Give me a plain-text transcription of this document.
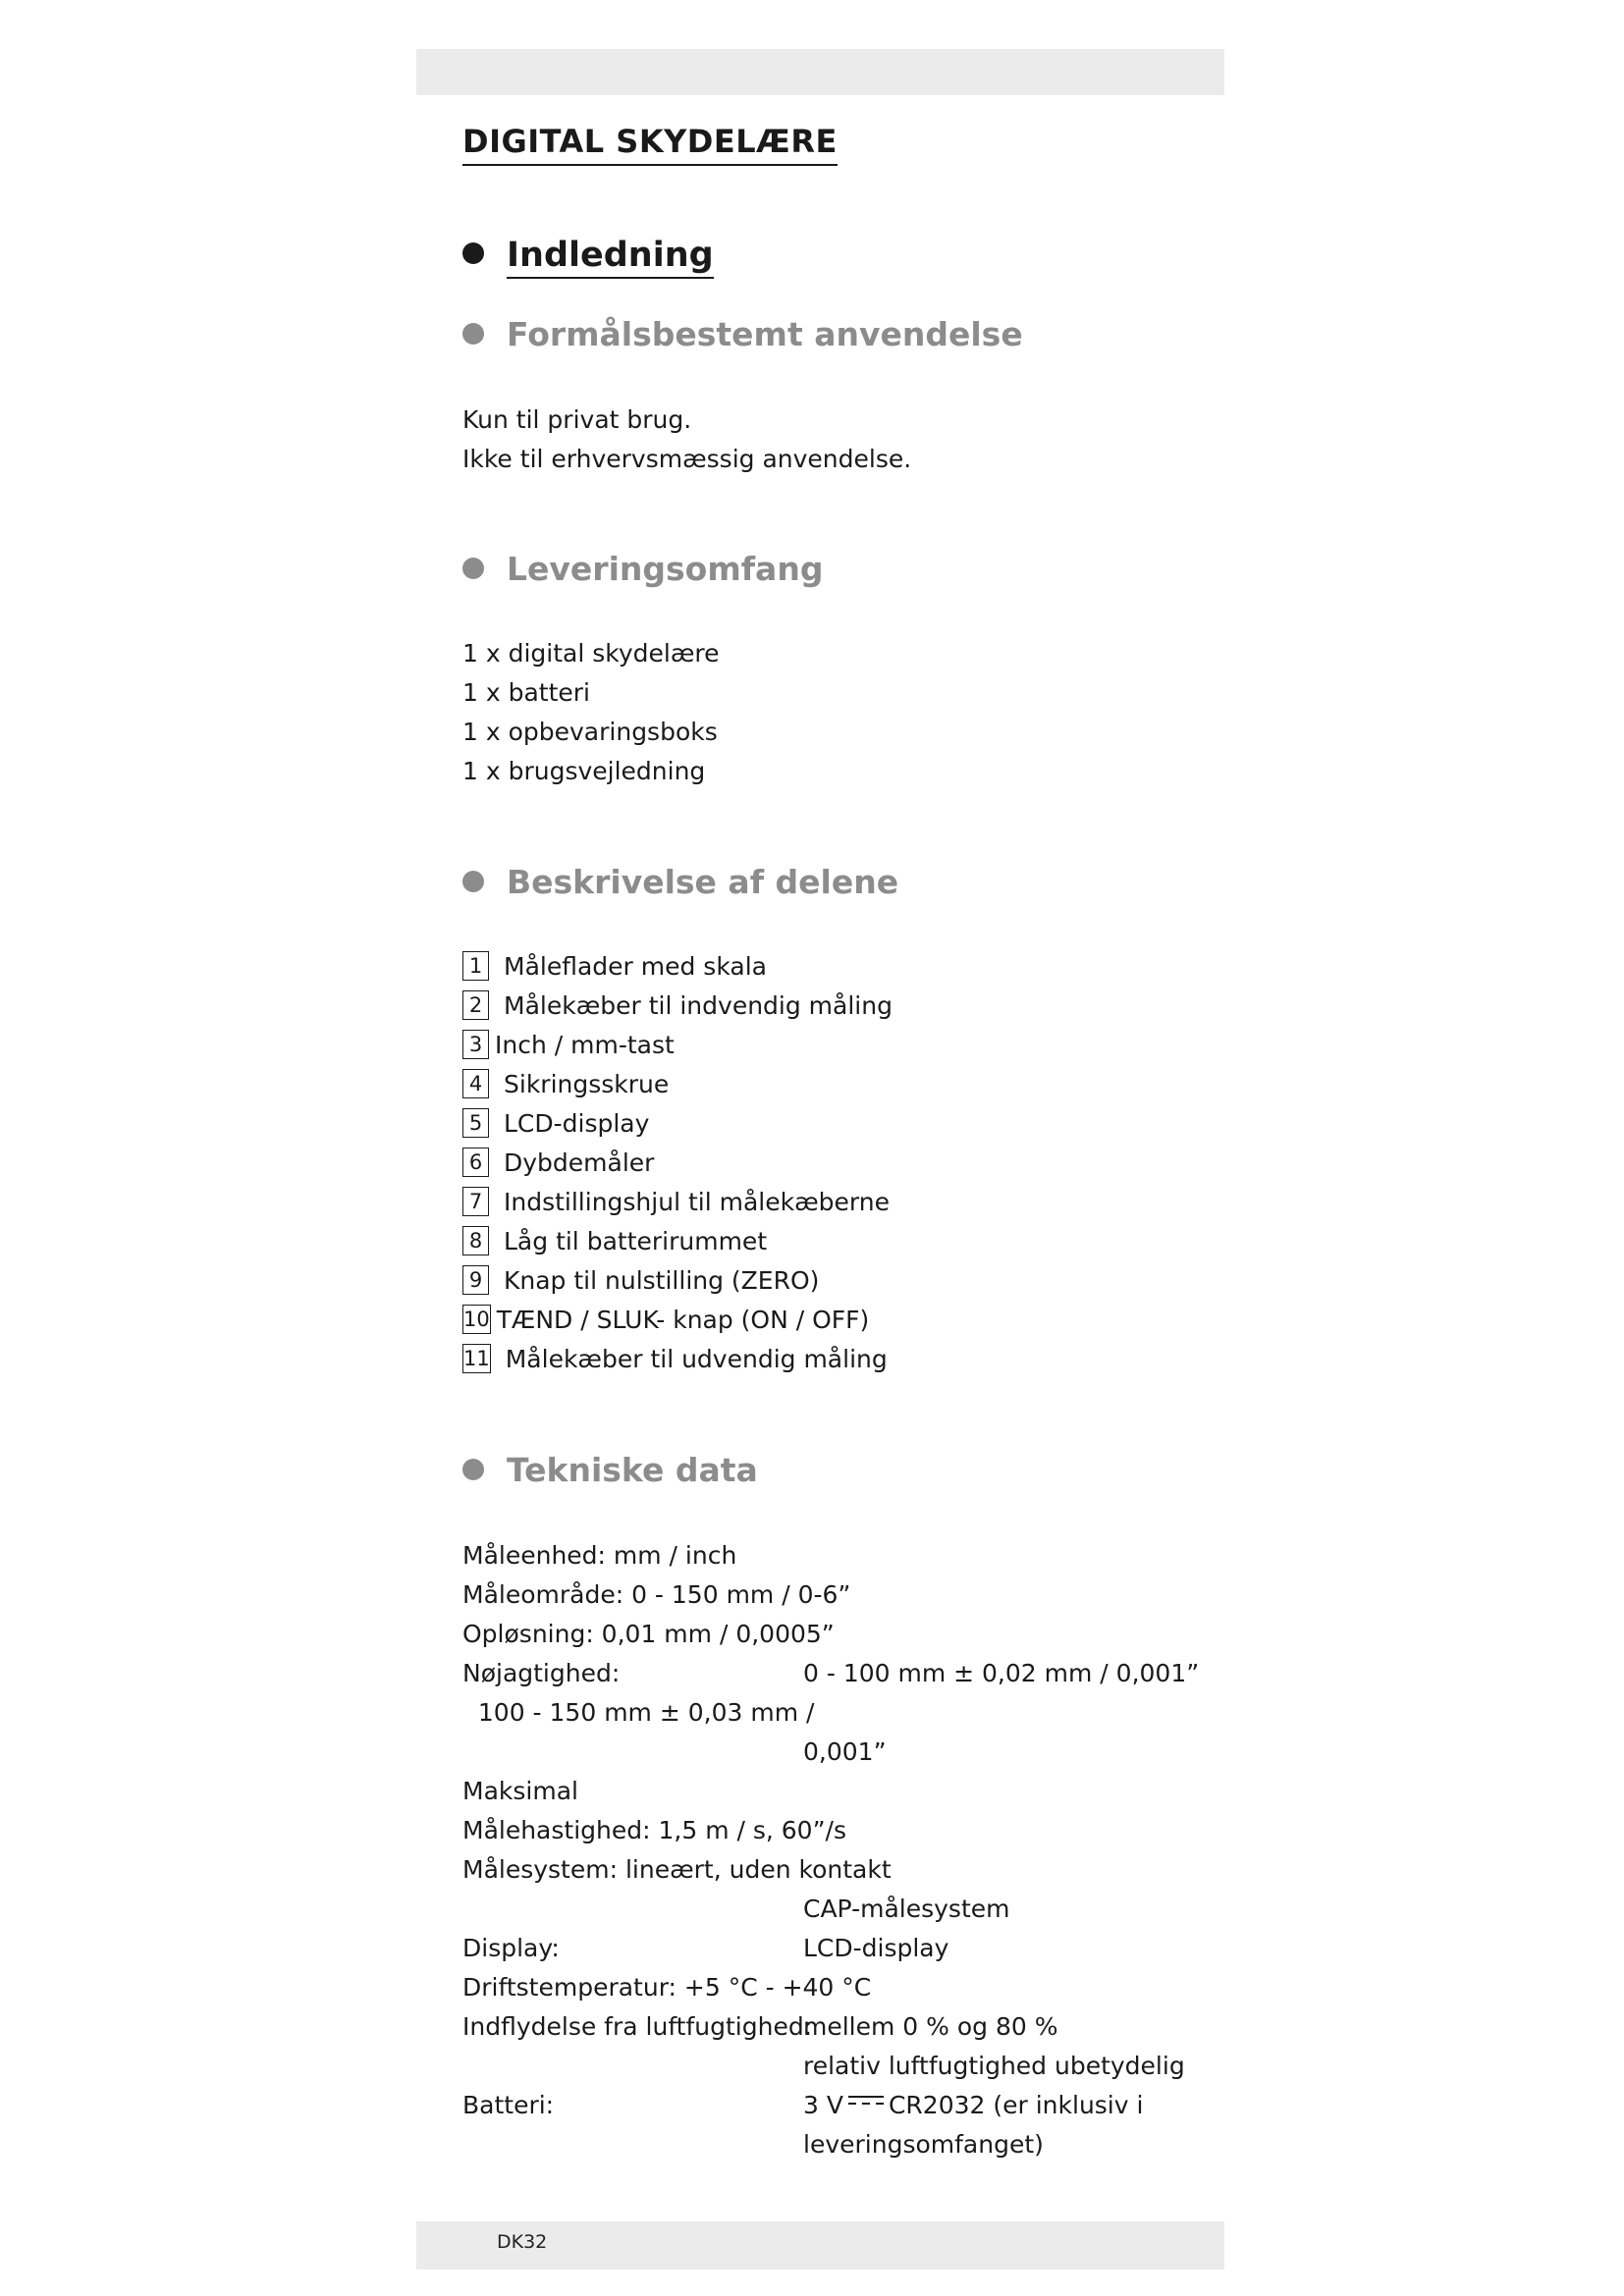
DIGITAL SKYDELÆRE
Indledning
Formålsbestemt anvendelse
Kun til privat brug.
Ikke til erhvervsmæssig anvendelse.
Leveringsomfang
1 x digital skydelære
1 x batteri
1 x opbevaringsboks
1 x brugsvejledning
Beskrivelse af delene
1 Måleflader med skala
2 Målekæber til indvendig måling
3 Inch / mm-tast
4 Sikringsskrue
5 LCD-display
6 Dybdemåler
7 Indstillingshjul til målekæberne
8 Låg til batterirummet
9 Knap til nulstilling (ZERO)
10 TÆND / SLUK- knap (ON / OFF)
11 Målekæber til udvendig måling
Tekniske data
Måleenhed: mm / inch
Måleområde: 0 - 150 mm / 0-6”
Opløsning: 0,01 mm / 0,0005”
Nøjagtighed:	0 - 100 mm ± 0,02 mm / 0,001”
100 - 150 mm ± 0,03 mm /
0,001”
Maksimal
Målehastighed: 1,5 m / s, 60”/s
Målesystem: lineært, uden kontakt
CAP-målesystem
Display:	LCD-display
Driftstemperatur: +5 °C - +40 °C
Indflydelse fra luftfugtighed:
mellem 0 % og 80 %
relativ luftfugtighed ubetydelig
Batteri:	3 V CR2032 (er inklusiv i
leveringsomfanget)
DK32
